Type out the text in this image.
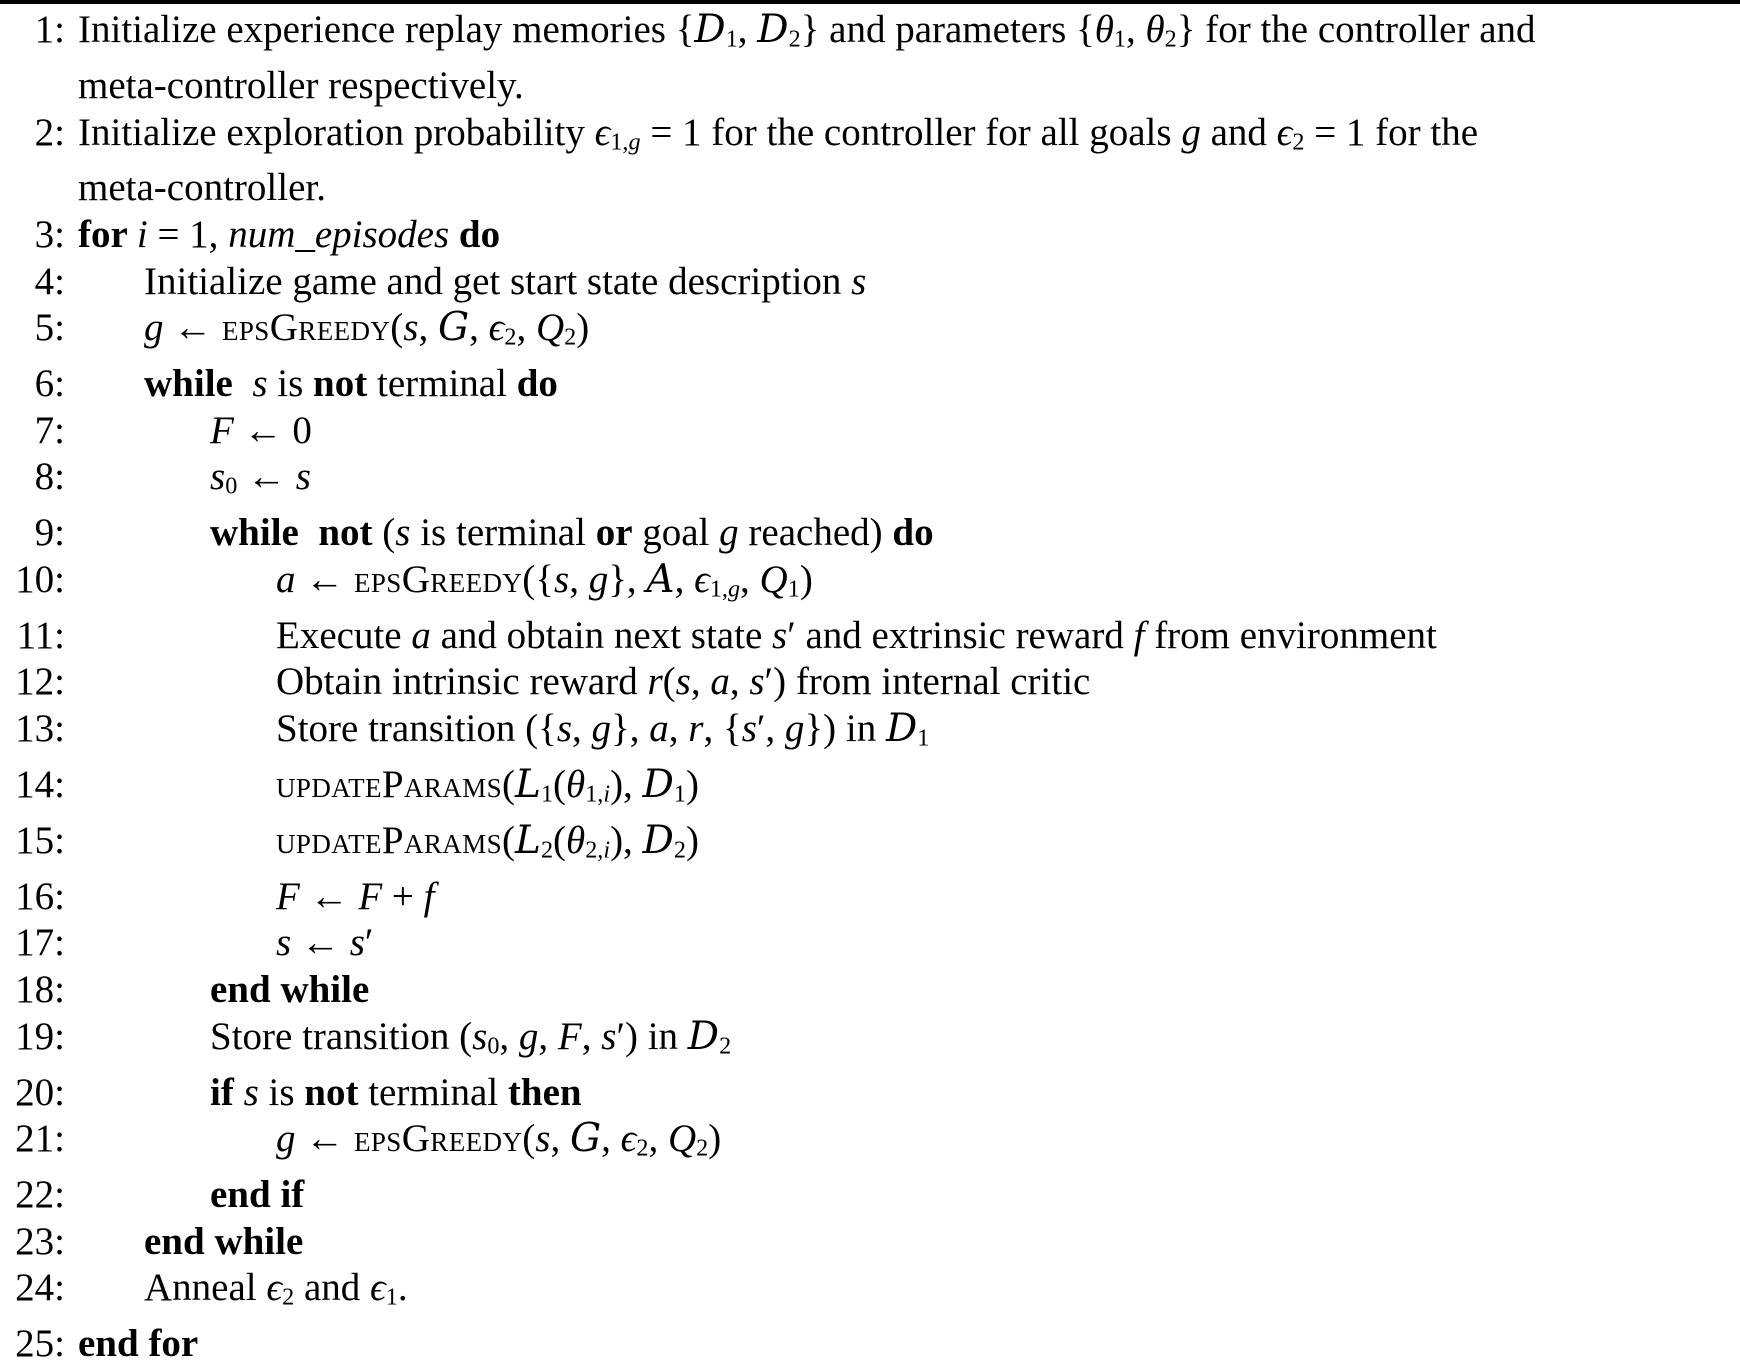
1: Initialize experience replay memories {D1, D2} and parameters {θ1, θ2} for the controller and
meta-controller respectively.
2: Initialize exploration probability ϵ1,g = 1 for the controller for all goals g and ϵ2 = 1 for the
meta-controller.
3: for i = 1, num_episodes do
4:	Initialize game and get start state description s
5:	g ← epsGreedy(s, G, ϵ2, Q2)
6:	while s is not terminal do
7:	F ← 0
8:	s0 ← s
9:	while not (s is terminal or goal g reached) do
10:	a ← epsGreedy({s, g}, A, ϵ1,g, Q1)
11:	Execute a and obtain next state s′ and extrinsic reward f from environment
12:	Obtain intrinsic reward r(s, a, s′) from internal critic
13:	Store transition ({s, g}, a, r, {s′, g}) in D1
14:	updateParams(L1(θ1,i), D1)
15:	updateParams(L2(θ2,i), D2)
16:	F ← F + f
17:	s ← s′
18:	end while
19:	Store transition (s0, g, F, s′) in D2
20:	if s is not terminal then
21:	g ← epsGreedy(s, G, ϵ2, Q2)
22:	end if
23:	end while
24:	Anneal ϵ2 and ϵ1.
25: end for
